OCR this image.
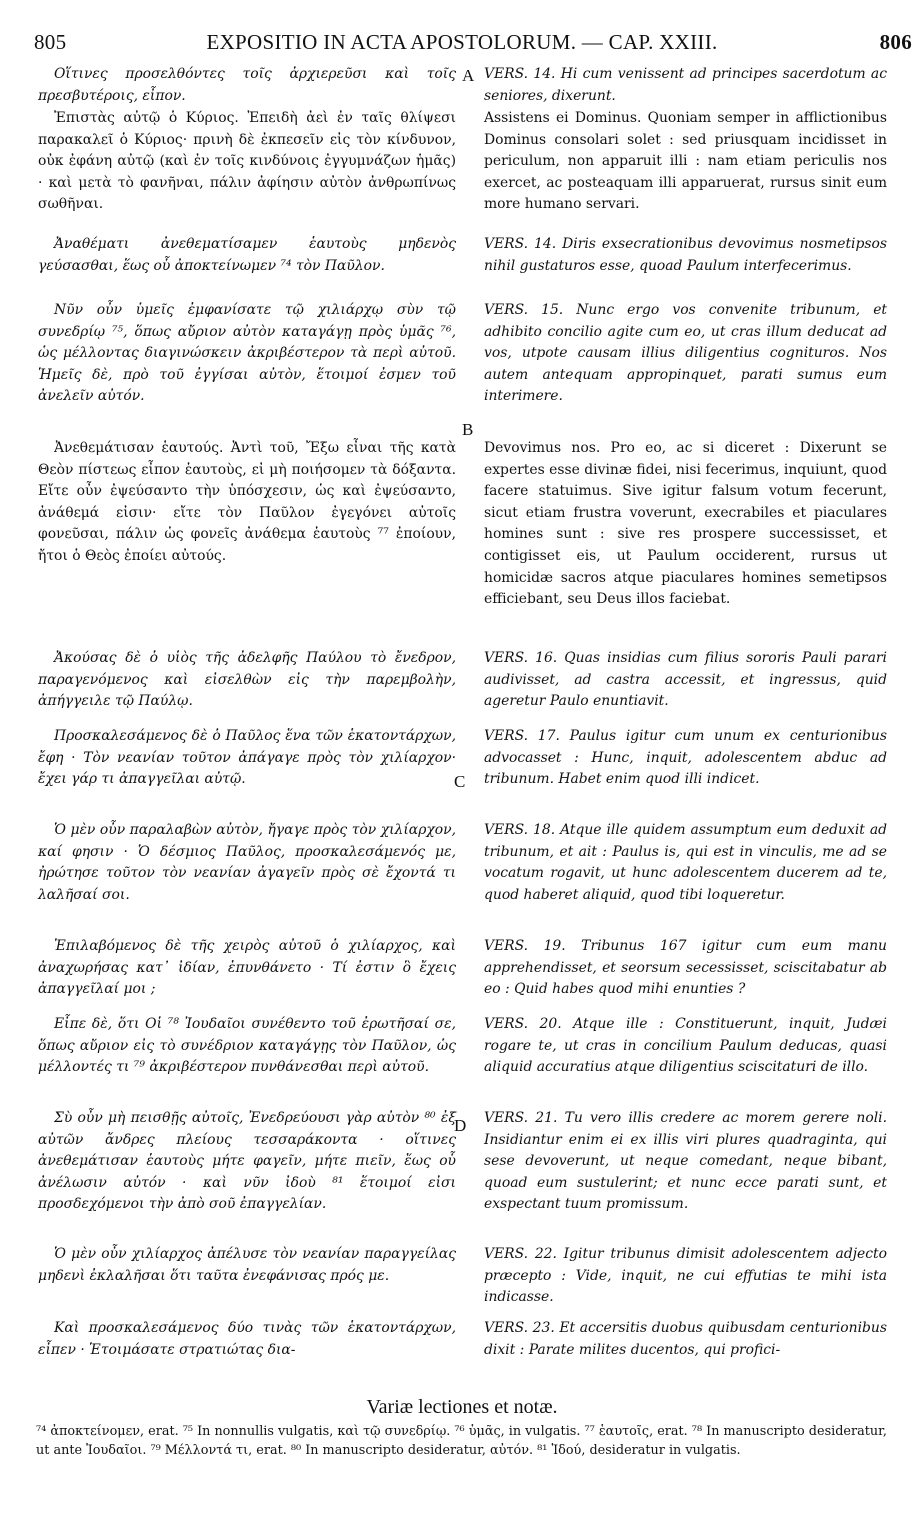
805	EXPOSITIO IN ACTA APOSTOLORUM. — CAP. XXIII.	806
A
B
C
D

Οἵτινες προσελθόντες τοῖς ἀρχιερεῦσι καὶ τοῖς πρεσβυτέροις, εἶπον.

Ἐπιστὰς αὐτῷ ὁ Κύριος. Ἐπειδὴ ἀεὶ ἐν ταῖς θλίψεσι παρακαλεῖ ὁ Κύριος· πρινὴ δὲ ἐκπεσεῖν εἰς τὸν κίνδυνον, οὐκ ἐφάνη αὐτῷ (καὶ ἐν τοῖς κινδύνοις ἐγγυμνάζων ἡμᾶς) · καὶ μετὰ τὸ φανῆναι, πάλιν ἀφίησιν αὐτὸν ἀνθρωπίνως σωθῆναι.

Ἀναθέματι ἀνεθεματίσαμεν ἑαυτοὺς μηδενὸς γεύσασθαι, ἕως οὗ ἀποκτείνωμεν ⁷⁴ τὸν Παῦλον.

Νῦν οὖν ὑμεῖς ἐμφανίσατε τῷ χιλιάρχῳ σὺν τῷ συνεδρίῳ ⁷⁵, ὅπως αὔριον αὐτὸν καταγάγῃ πρὸς ὑμᾶς ⁷⁶, ὡς μέλλοντας διαγινώσκειν ἀκριβέστερον τὰ περὶ αὐτοῦ. Ἡμεῖς δὲ, πρὸ τοῦ ἐγγίσαι αὐτὸν, ἕτοιμοί ἐσμεν τοῦ ἀνελεῖν αὐτόν.

Ἀνεθεμάτισαν ἑαυτούς. Ἀντὶ τοῦ, Ἔξω εἶναι τῆς κατὰ Θεὸν πίστεως εἶπον ἑαυτοὺς, εἰ μὴ ποιήσομεν τὰ δόξαντα. Εἴτε οὖν ἐψεύσαντο τὴν ὑπόσχεσιν, ὡς καὶ ἐψεύσαντο, ἀνάθεμά εἰσιν· εἴτε τὸν Παῦλον ἐγεγόνει αὐτοῖς φονεῦσαι, πάλιν ὡς φονεῖς ἀνάθεμα ἑαυτοὺς ⁷⁷ ἐποίουν, ἤτοι ὁ Θεὸς ἐποίει αὐτούς.

Ἀκούσας δὲ ὁ υἱὸς τῆς ἀδελφῆς Παύλου τὸ ἔνεδρον, παραγενόμενος καὶ εἰσελθὼν εἰς τὴν παρεμβολὴν, ἀπήγγειλε τῷ Παύλῳ.

Προσκαλεσάμενος δὲ ὁ Παῦλος ἕνα τῶν ἑκατοντάρχων, ἔφη · Τὸν νεανίαν τοῦτον ἀπάγαγε πρὸς τὸν χιλίαρχον· ἔχει γάρ τι ἀπαγγεῖλαι αὐτῷ.

Ὁ μὲν οὖν παραλαβὼν αὐτὸν, ἤγαγε πρὸς τὸν χιλίαρχον, καί φησιν · Ὁ δέσμιος Παῦλος, προσκαλεσάμενός με, ἠρώτησε τοῦτον τὸν νεανίαν ἀγαγεῖν πρὸς σὲ ἔχοντά τι λαλῆσαί σοι.

Ἐπιλαβόμενος δὲ τῆς χειρὸς αὐτοῦ ὁ χιλίαρχος, καὶ ἀναχωρήσας κατ᾽ ἰδίαν, ἐπυνθάνετο · Τί ἐστιν ὃ ἔχεις ἀπαγγεῖλαί μοι ;

Εἶπε δὲ, ὅτι Οἱ ⁷⁸ Ἰουδαῖοι συνέθεντο τοῦ ἐρωτῆσαί σε, ὅπως αὔριον εἰς τὸ συνέδριον καταγάγῃς τὸν Παῦλον, ὡς μέλλοντές τι ⁷⁹ ἀκριβέστερον πυνθάνεσθαι περὶ αὐτοῦ.

Σὺ οὖν μὴ πεισθῇς αὐτοῖς, Ἐνεδρεύουσι γὰρ αὐτὸν ⁸⁰ ἐξ αὐτῶν ἄνδρες πλείους τεσσαράκοντα · οἵτινες ἀνεθεμάτισαν ἑαυτοὺς μήτε φαγεῖν, μήτε πιεῖν, ἕως οὗ ἀνέλωσιν αὐτόν · καὶ νῦν ἰδοὺ ⁸¹ ἕτοιμοί εἰσι προσδεχόμενοι τὴν ἀπὸ σοῦ ἐπαγγελίαν.

Ὁ μὲν οὖν χιλίαρχος ἀπέλυσε τὸν νεανίαν παραγγείλας μηδενὶ ἐκλαλῆσαι ὅτι ταῦτα ἐνεφάνισας πρός με.

Καὶ προσκαλεσάμενος δύο τινὰς τῶν ἑκατοντάρχων, εἶπεν · Ἑτοιμάσατε στρατιώτας δια-

VERS. 14. Hi cum venissent ad principes sacerdotum ac seniores, dixerunt.

Assistens ei Dominus. Quoniam semper in afflictionibus Dominus consolari solet : sed priusquam incidisset in periculum, non apparuit illi : nam etiam periculis nos exercet, ac posteaquam illi apparuerat, rursus sinit eum more humano servari.

VERS. 14. Diris exsecrationibus devovimus nosmetipsos nihil gustaturos esse, quoad Paulum interfecerimus.

VERS. 15. Nunc ergo vos convenite tribunum, et adhibito concilio agite cum eo, ut cras illum deducat ad vos, utpote causam illius diligentius cognituros. Nos autem antequam appropinquet, parati sumus eum interimere.

Devovimus nos. Pro eo, ac si diceret : Dixerunt se expertes esse divinæ fidei, nisi fecerimus, inquiunt, quod facere statuimus. Sive igitur falsum votum fecerunt, sicut etiam frustra voverunt, execrabiles et piaculares homines sunt : sive res prospere successisset, et contigisset eis, ut Paulum occiderent, rursus ut homicidæ sacros atque piaculares homines semetipsos efficiebant, seu Deus illos faciebat.

VERS. 16. Quas insidias cum filius sororis Pauli parari audivisset, ad castra accessit, et ingressus, quid ageretur Paulo enuntiavit.

VERS. 17. Paulus igitur cum unum ex centurionibus advocasset : Hunc, inquit, adolescentem abduc ad tribunum. Habet enim quod illi indicet.

VERS. 18. Atque ille quidem assumptum eum deduxit ad tribunum, et ait : Paulus is, qui est in vinculis, me ad se vocatum rogavit, ut hunc adolescentem ducerem ad te, quod haberet aliquid, quod tibi loqueretur.

VERS. 19. Tribunus 167 igitur cum eum manu apprehendisset, et seorsum secessisset, sciscitabatur ab eo : Quid habes quod mihi enunties ?

VERS. 20. Atque ille : Constituerunt, inquit, Judæi rogare te, ut cras in concilium Paulum deducas, quasi aliquid accuratius atque diligentius sciscitaturi de illo.

VERS. 21. Tu vero illis credere ac morem gerere noli. Insidiantur enim ei ex illis viri plures quadraginta, qui sese devoverunt, ut neque comedant, neque bibant, quoad eum sustulerint; et nunc ecce parati sunt, et exspectant tuum promissum.

VERS. 22. Igitur tribunus dimisit adolescentem adjecto præcepto : Vide, inquit, ne cui effutias te mihi ista indicasse.

VERS. 23. Et accersitis duobus quibusdam centurionibus dixit : Parate milites ducentos, qui profici-

Variæ lectiones et notæ.
⁷⁴ ἀποκτείνομεν, erat. ⁷⁵ In nonnullis vulgatis, καὶ τῷ συνεδρίῳ. ⁷⁶ ὑμᾶς, in vulgatis. ⁷⁷ ἑαυτοῖς, erat. ⁷⁸ In manuscripto desideratur, ut ante Ἰουδαῖοι. ⁷⁹ Μέλλοντά τι, erat. ⁸⁰ In manuscripto desideratur, αὐτόν. ⁸¹ Ἰδού, desideratur in vulgatis.
